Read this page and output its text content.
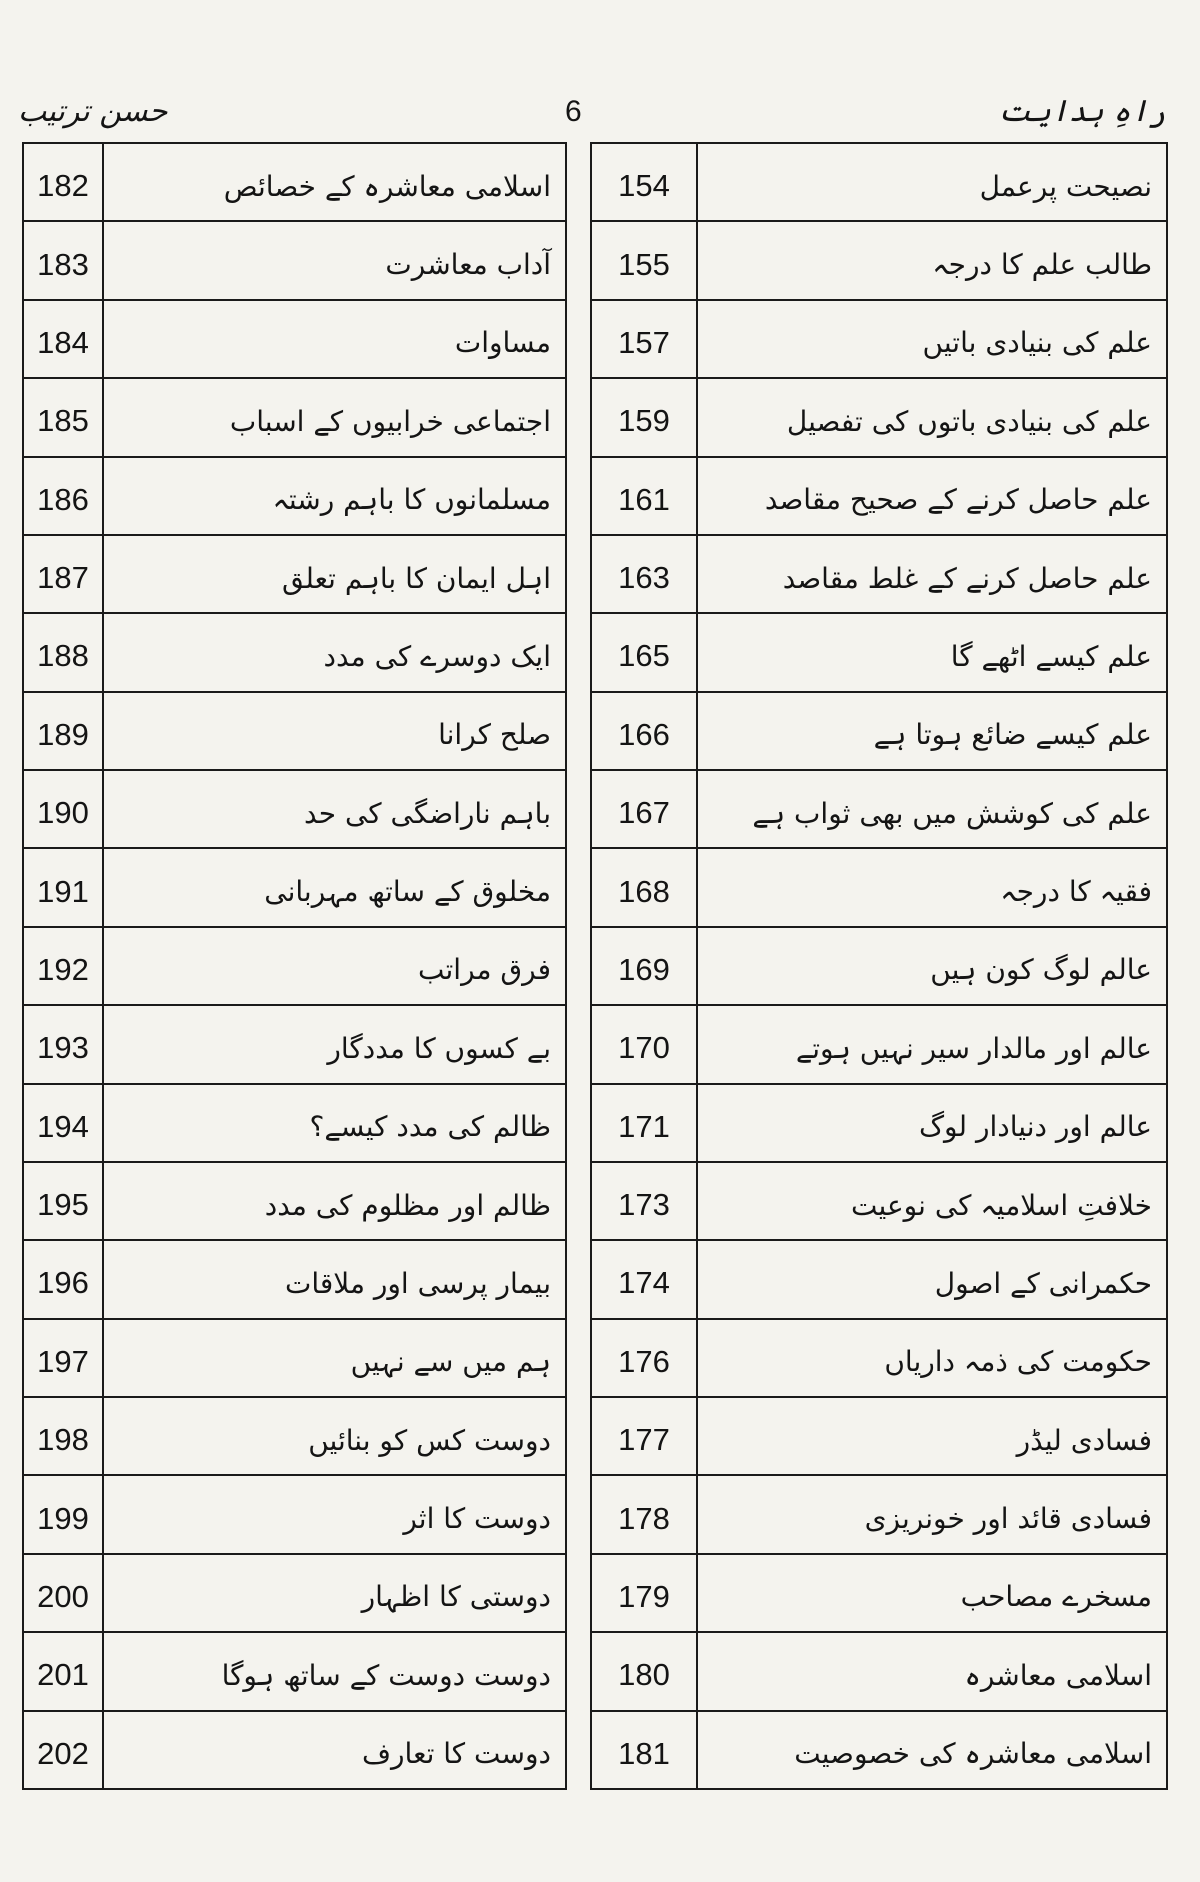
حسن ترتیب	6	راہِ ہدایت
182	اسلامی معاشرہ کے خصائص
183	آداب معاشرت
184	مساوات
185	اجتماعی خرابیوں کے اسباب
186	مسلمانوں کا باہم رشتہ
187	اہل ایمان کا باہم تعلق
188	ایک دوسرے کی مدد
189	صلح کرانا
190	باہم ناراضگی کی حد
191	مخلوق کے ساتھ مہربانی
192	فرق مراتب
193	بے کسوں کا مددگار
194	ظالم کی مدد کیسے؟
195	ظالم اور مظلوم کی مدد
196	بیمار پرسی اور ملاقات
197	ہم میں سے نہیں
198	دوست کس کو بنائیں
199	دوست کا اثر
200	دوستی کا اظہار
201	دوست دوست کے ساتھ ہوگا
202	دوست کا تعارف
154	نصیحت پرعمل
155	طالب علم کا درجہ
157	علم کی بنیادی باتیں
159	علم کی بنیادی باتوں کی تفصیل
161	علم حاصل کرنے کے صحیح مقاصد
163	علم حاصل کرنے کے غلط مقاصد
165	علم کیسے اٹھے گا
166	علم کیسے ضائع ہوتا ہے
167	علم کی کوشش میں بھی ثواب ہے
168	فقیہ کا درجہ
169	عالم لوگ کون ہیں
170	عالم اور مالدار سیر نہیں ہوتے
171	عالم اور دنیادار لوگ
173	خلافتِ اسلامیہ کی نوعیت
174	حکمرانی کے اصول
176	حکومت کی ذمہ داریاں
177	فسادی لیڈر
178	فسادی قائد اور خونریزی
179	مسخرے مصاحب
180	اسلامی معاشرہ
181	اسلامی معاشرہ کی خصوصیت
